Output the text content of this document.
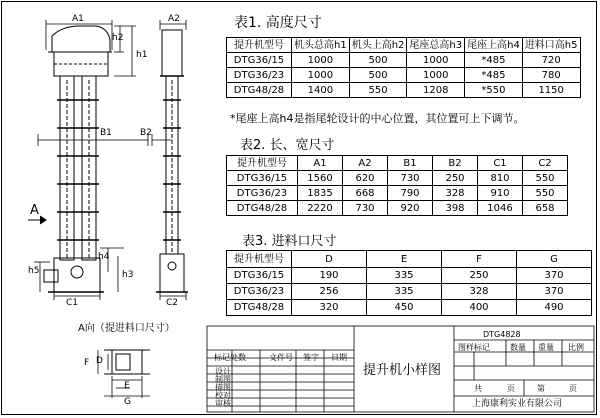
A1
h2
h1
A2
B1	B2
A
h4
h3
h5
C1	C2
A向（提进料口尺寸）
F D
E
G
表1. 高度尺寸
提升机型号	机头总高h1	机头上高h2	尾座总高h3	尾座上高h4	进料口高h5
DTG36/15	1000	500	1000	*485	720
DTG36/23	1000	500	1000	*485	780
DTG48/28	1400	550	1208	*550	1150
*尾座上高h4是指尾轮设计的中心位置，其位置可上下调节。
表2. 长、宽尺寸
提升机型号	A1	A2	B1	B2	C1	C2
DTG36/15	1560	620	730	250	810	550
DTG36/23	1835	668	790	328	910	550
DTG48/28	2220	730	920	398	1046	658
表3. 进料口尺寸
提升机型号	D	E	F	G
DTG36/15	190	335	250	370
DTG36/23	256	335	328	370
DTG48/28	320	450	400	490
标记处数	文件号 签字 日期
设计
制图
描图
校对
审核
提升机小样图
DTG4828
图样标记	数量 重量 比例
共	页	第	页
上海康利实业有限公司
